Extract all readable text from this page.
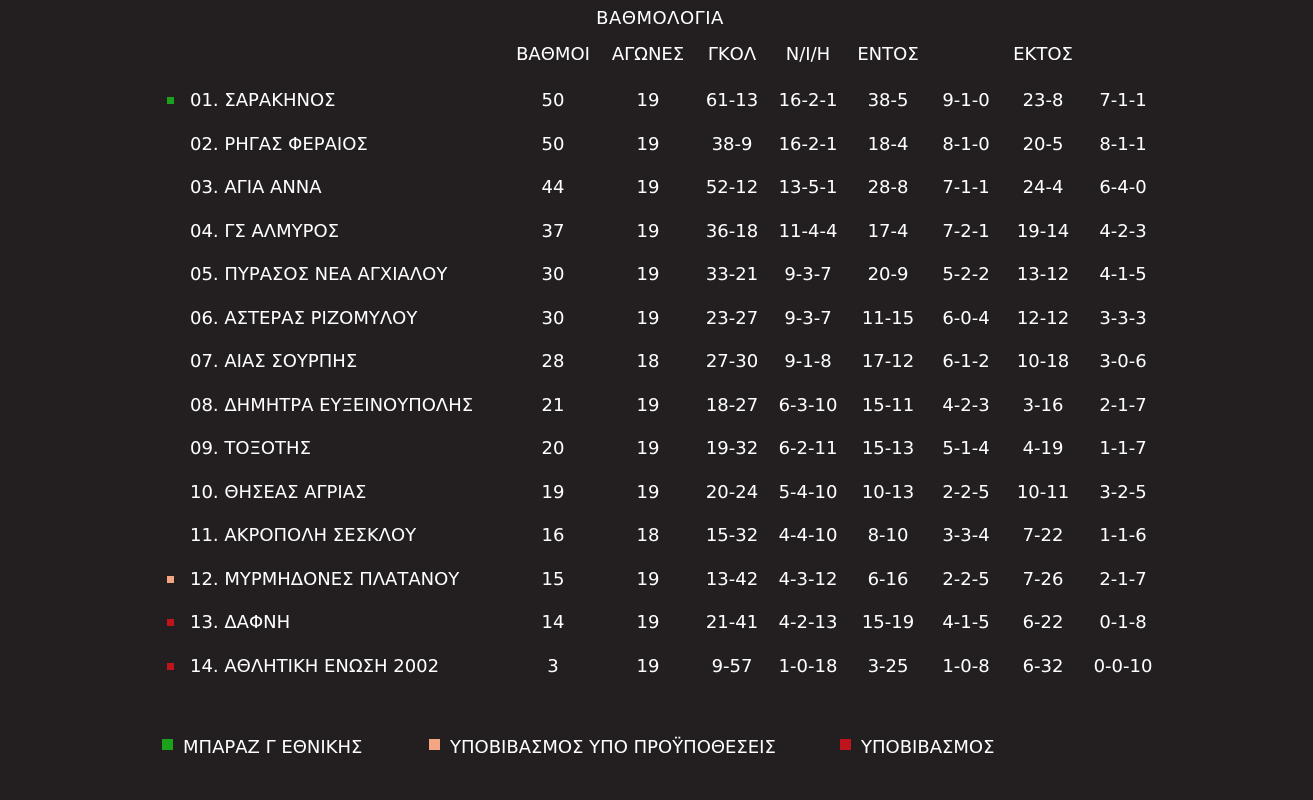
ΒΑΘΜΟΛΟΓΙΑ
ΒΑΘΜΟΙ ΑΓΩΝΕΣ ΓΚΟΛ Ν/Ι/Η ΕΝΤΟΣ	ΕΚΤΟΣ
01. ΣΑΡΑΚΗΝΟΣ	50	19	61-13 16-2-1 38-5 9-1-0 23-8 7-1-1
02. ΡΗΓΑΣ ΦΕΡΑΙΟΣ	50	19	38-9 16-2-1 18-4 8-1-0 20-5 8-1-1
03. ΑΓΙΑ ΑΝΝΑ	44	19	52-12 13-5-1 28-8 7-1-1 24-4 6-4-0
04. ΓΣ ΑΛΜΥΡΟΣ	37	19	36-18 11-4-4 17-4 7-2-1 19-14 4-2-3
05. ΠΥΡΑΣΟΣ ΝΕΑ ΑΓΧΙΑΛΟΥ	30	19	33-21 9-3-7 20-9 5-2-2 13-12 4-1-5
06. ΑΣΤΕΡΑΣ ΡΙΖΟΜΥΛΟΥ	30	19	23-27 9-3-7 11-15 6-0-4 12-12 3-3-3
07. ΑΙΑΣ ΣΟΥΡΠΗΣ	28	18	27-30 9-1-8 17-12 6-1-2 10-18 3-0-6
08. ΔΗΜΗΤΡΑ ΕΥΞΕΙΝΟΥΠΟΛΗΣ	21	19	18-27 6-3-10 15-11 4-2-3 3-16 2-1-7
09. ΤΟΞΟΤΗΣ	20	19	19-32 6-2-11 15-13 5-1-4 4-19 1-1-7
10. ΘΗΣΕΑΣ ΑΓΡΙΑΣ	19	19	20-24 5-4-10 10-13 2-2-5 10-11 3-2-5
11. ΑΚΡΟΠΟΛΗ ΣΕΣΚΛΟΥ	16	18	15-32 4-4-10 8-10 3-3-4 7-22 1-1-6
12. ΜΥΡΜΗΔΟΝΕΣ ΠΛΑΤΑΝΟΥ	15	19	13-42 4-3-12 6-16 2-2-5 7-26 2-1-7
13. ΔΑΦΝΗ	14	19	21-41 4-2-13 15-19 4-1-5 6-22 0-1-8
14. ΑΘΛΗΤΙΚΗ ΕΝΩΣΗ 2002	3	19	9-57 1-0-18 3-25 1-0-8 6-32 0-0-10
ΜΠΑΡΑΖ Γ ΕΘΝΙΚΗΣ	ΥΠΟΒΙΒΑΣΜΟΣ ΥΠΟ ΠΡΟΫΠΟΘΕΣΕΙΣ	ΥΠΟΒΙΒΑΣΜΟΣ
